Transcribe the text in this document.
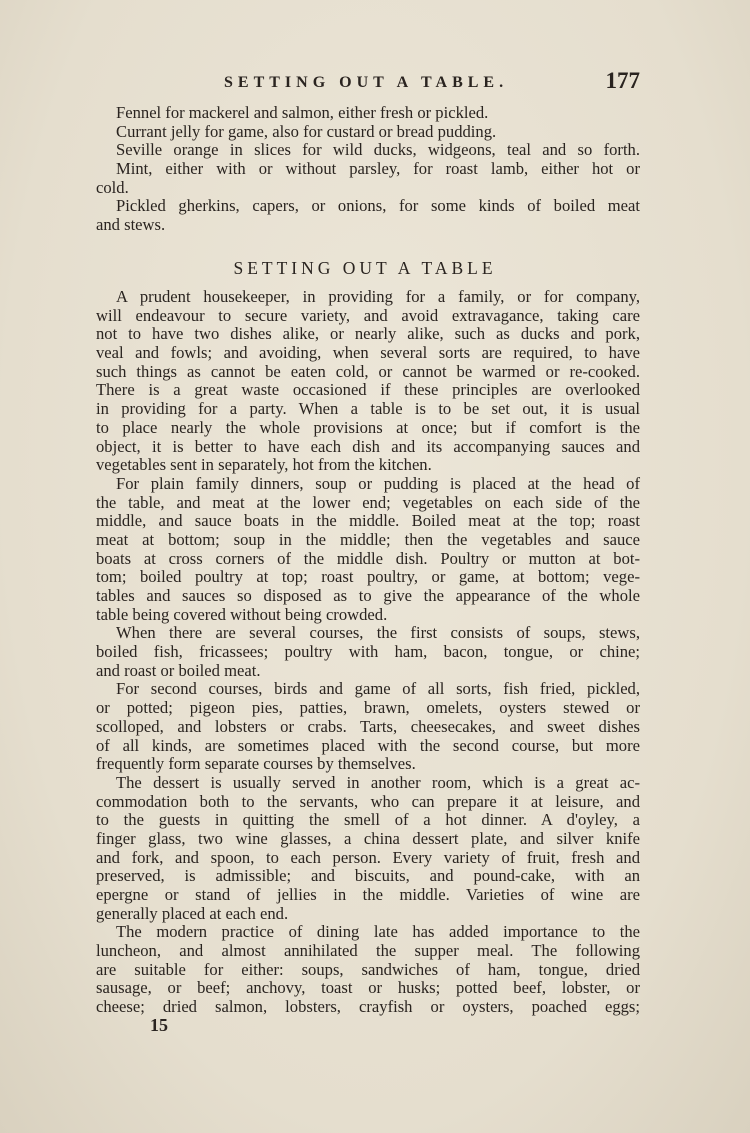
SETTING OUT A TABLE.	177
Fennel for mackerel and salmon, either fresh or pickled.
Currant jelly for game, also for custard or bread pudding.
Seville orange in slices for wild ducks, widgeons, teal and so forth.
Mint, either with or without parsley, for roast lamb, either hot or
cold.
Pickled gherkins, capers, or onions, for some kinds of boiled meat
and stews.
SETTING OUT A TABLE
A prudent housekeeper, in providing for a family, or for company,
will endeavour to secure variety, and avoid extravagance, taking care
not to have two dishes alike, or nearly alike, such as ducks and pork,
veal and fowls; and avoiding, when several sorts are required, to have
such things as cannot be eaten cold, or cannot be warmed or re-cooked.
There is a great waste occasioned if these principles are overlooked
in providing for a party. When a table is to be set out, it is usual
to place nearly the whole provisions at once; but if comfort is the
object, it is better to have each dish and its accompanying sauces and
vegetables sent in separately, hot from the kitchen.
For plain family dinners, soup or pudding is placed at the head of
the table, and meat at the lower end; vegetables on each side of the
middle, and sauce boats in the middle. Boiled meat at the top; roast
meat at bottom; soup in the middle; then the vegetables and sauce
boats at cross corners of the middle dish. Poultry or mutton at bot-
tom; boiled poultry at top; roast poultry, or game, at bottom; vege-
tables and sauces so disposed as to give the appearance of the whole
table being covered without being crowded.
When there are several courses, the first consists of soups, stews,
boiled fish, fricassees; poultry with ham, bacon, tongue, or chine;
and roast or boiled meat.
For second courses, birds and game of all sorts, fish fried, pickled,
or potted; pigeon pies, patties, brawn, omelets, oysters stewed or
scolloped, and lobsters or crabs. Tarts, cheesecakes, and sweet dishes
of all kinds, are sometimes placed with the second course, but more
frequently form separate courses by themselves.
The dessert is usually served in another room, which is a great ac-
commodation both to the servants, who can prepare it at leisure, and
to the guests in quitting the smell of a hot dinner. A d'oyley, a
finger glass, two wine glasses, a china dessert plate, and silver knife
and fork, and spoon, to each person. Every variety of fruit, fresh and
preserved, is admissible; and biscuits, and pound-cake, with an
epergne or stand of jellies in the middle. Varieties of wine are
generally placed at each end.
The modern practice of dining late has added importance to the
luncheon, and almost annihilated the supper meal. The following
are suitable for either: soups, sandwiches of ham, tongue, dried
sausage, or beef; anchovy, toast or husks; potted beef, lobster, or
cheese; dried salmon, lobsters, crayfish or oysters, poached eggs;
15
